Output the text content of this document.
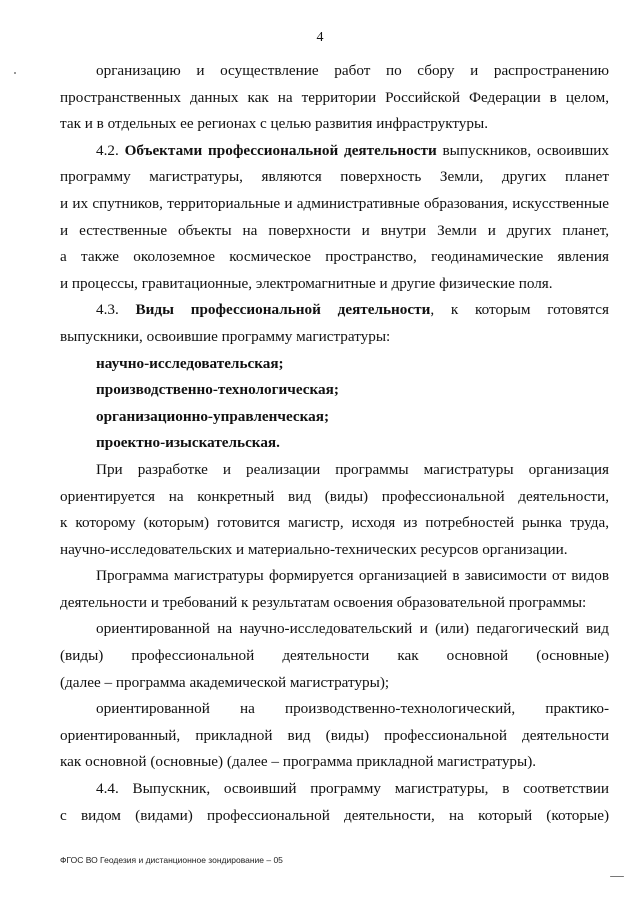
4

организацию и осуществление работ по сбору и распространению

пространственных данных как на территории Российской Федерации в целом,

так и в отдельных ее регионах с целью развития инфраструктуры.

4.2. Объектами профессиональной деятельности выпускников, освоивших

программу магистратуры, являются поверхность Земли, других планет

и их спутников, территориальные и административные образования, искусственные

и естественные объекты на поверхности и внутри Земли и других планет,

а также околоземное космическое пространство, геодинамические явления

и процессы, гравитационные, электромагнитные и другие физические поля.

4.3. Виды профессиональной деятельности, к которым готовятся

выпускники, освоившие программу магистратуры:

научно-исследовательская;

производственно-технологическая;

организационно-управленческая;

проектно-изыскательская.

При разработке и реализации программы магистратуры организация

ориентируется на конкретный вид (виды) профессиональной деятельности,

к которому (которым) готовится магистр, исходя из потребностей рынка труда,

научно-исследовательских и материально-технических ресурсов организации.

Программа магистратуры формируется организацией в зависимости от видов

деятельности и требований к результатам освоения образовательной программы:

ориентированной на научно-исследовательский и (или) педагогический вид

(виды) профессиональной деятельности как основной (основные)

(далее – программа академической магистратуры);

ориентированной на производственно-технологический, практико-

ориентированный, прикладной вид (виды) профессиональной деятельности

как основной (основные) (далее – программа прикладной магистратуры).

4.4. Выпускник, освоивший программу магистратуры, в соответствии

с видом (видами) профессиональной деятельности, на который (которые)

ФГОС ВО Геодезия и дистанционное зондирование – 05
